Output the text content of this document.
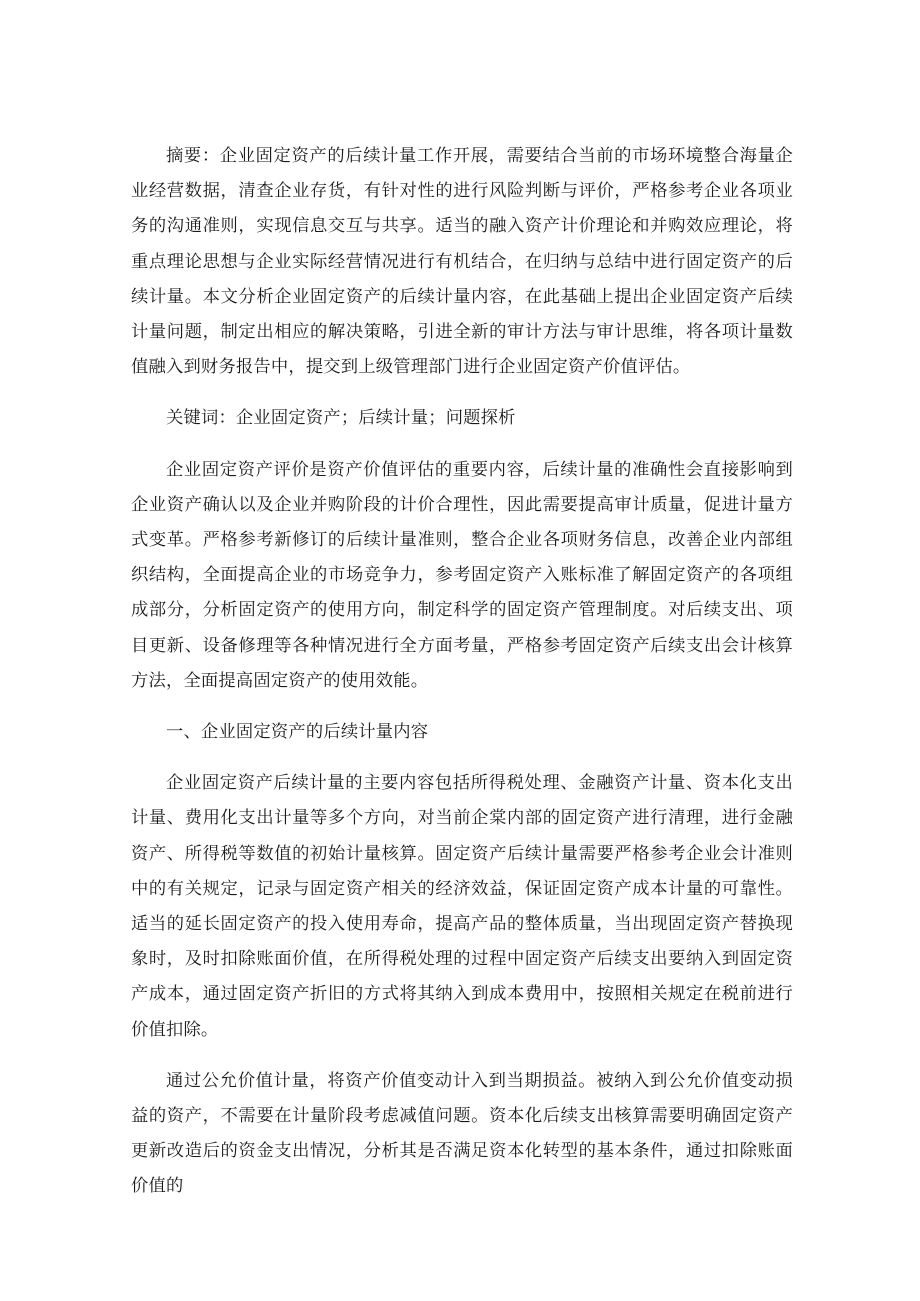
摘要：企业固定资产的后续计量工作开展，需要结合当前的市场环境整合海量企业经营数据，清查企业存货，有针对性的进行风险判断与评价，严格参考企业各项业务的沟通准则，实现信息交互与共享。适当的融入资产计价理论和并购效应理论，将重点理论思想与企业实际经营情况进行有机结合，在归纳与总结中进行固定资产的后续计量。本文分析企业固定资产的后续计量内容，在此基础上提出企业固定资产后续计量问题，制定出相应的解决策略，引进全新的审计方法与审计思维，将各项计量数值融入到财务报告中，提交到上级管理部门进行企业固定资产价值评估。

关键词：企业固定资产；后续计量；问题探析

企业固定资产评价是资产价值评估的重要内容，后续计量的准确性会直接影响到企业资产确认以及企业并购阶段的计价合理性，因此需要提高审计质量，促进计量方式变革。严格参考新修订的后续计量准则，整合企业各项财务信息，改善企业内部组织结构，全面提高企业的市场竞争力，参考固定资产入账标准了解固定资产的各项组成部分，分析固定资产的使用方向，制定科学的固定资产管理制度。对后续支出、项目更新、设备修理等各种情况进行全方面考量，严格参考固定资产后续支出会计核算方法，全面提高固定资产的使用效能。

一、企业固定资产的后续计量内容

企业固定资产后续计量的主要内容包括所得税处理、金融资产计量、资本化支出计量、费用化支出计量等多个方向，对当前企棠内部的固定资产进行清理，进行金融资产、所得税等数值的初始计量核算。固定资产后续计量需要严格参考企业会计准则中的有关规定，记录与固定资产相关的经济效益，保证固定资产成本计量的可靠性。适当的延长固定资产的投入使用寿命，提高产品的整体质量，当出现固定资产替换现象时，及时扣除账面价值，在所得税处理的过程中固定资产后续支出要纳入到固定资产成本，通过固定资产折旧的方式将其纳入到成本费用中，按照相关规定在税前进行价值扣除。

通过公允价值计量，将资产价值变动计入到当期损益。被纳入到公允价值变动损益的资产，不需要在计量阶段考虑减值问题。资本化后续支出核算需要明确固定资产更新改造后的资金支出情况，分析其是否满足资本化转型的基本条件，通过扣除账面价值的
